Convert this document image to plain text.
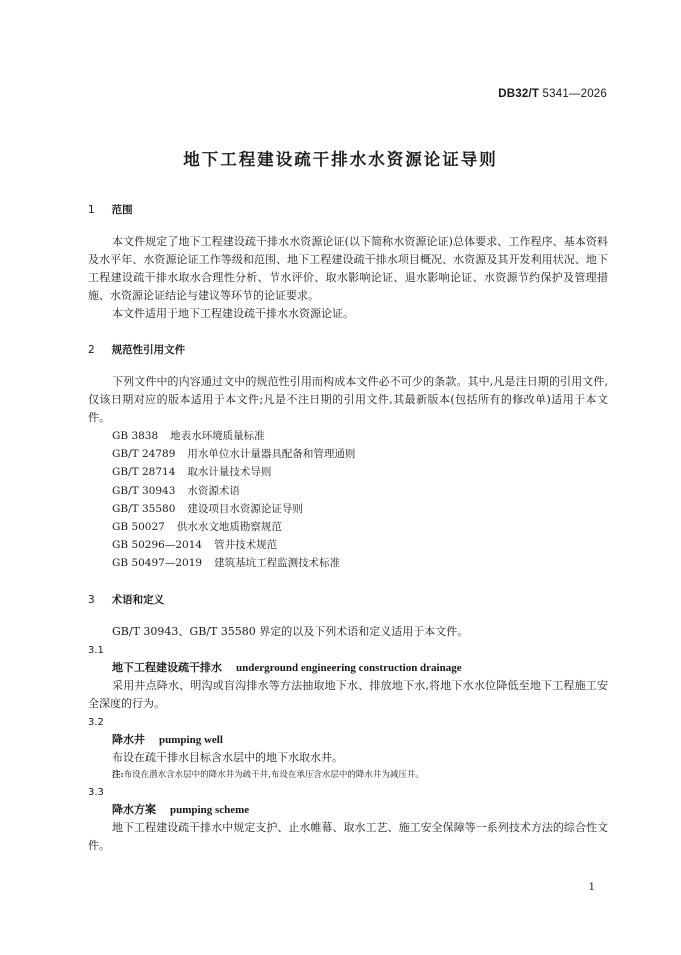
DB32/T 5341—2026
地下工程建设疏干排水水资源论证导则
1 范围

本文件规定了地下工程建设疏干排水水资源论证(以下简称水资源论证)总体要求、工作程序、基本资料及水平年、水资源论证工作等级和范围、地下工程建设疏干排水项目概况、水资源及其开发利用状况、地下工程建设疏干排水取水合理性分析、节水评价、取水影响论证、退水影响论证、水资源节约保护及管理措施、水资源论证结论与建议等环节的论证要求。

本文件适用于地下工程建设疏干排水水资源论证。

2 规范性引用文件

下列文件中的内容通过文中的规范性引用而构成本文件必不可少的条款。其中,凡是注日期的引用文件,仅该日期对应的版本适用于本文件;凡是不注日期的引用文件,其最新版本(包括所有的修改单)适用于本文件。

GB 3838 地表水环境质量标准
GB/T 24789 用水单位水计量器具配备和管理通则
GB/T 28714 取水计量技术导则
GB/T 30943 水资源术语
GB/T 35580 建设项目水资源论证导则
GB 50027 供水水文地质勘察规范
GB 50296—2014 管井技术规范
GB 50497—2019 建筑基坑工程监测技术标准
3 术语和定义

GB/T 30943、GB/T 35580 界定的以及下列术语和定义适用于本文件。

3.1
地下工程建设疏干排水 underground engineering construction drainage

采用井点降水、明沟或盲沟排水等方法抽取地下水、排放地下水,将地下水水位降低至地下工程施工安全深度的行为。

3.2
降水井 pumping well

布设在疏干排水目标含水层中的地下水取水井。

注:布设在潜水含水层中的降水井为疏干井,布设在承压含水层中的降水井为减压井。
3.3
降水方案 pumping scheme

地下工程建设疏干排水中规定支护、止水帷幕、取水工艺、施工安全保障等一系列技术方法的综合性文件。

1
